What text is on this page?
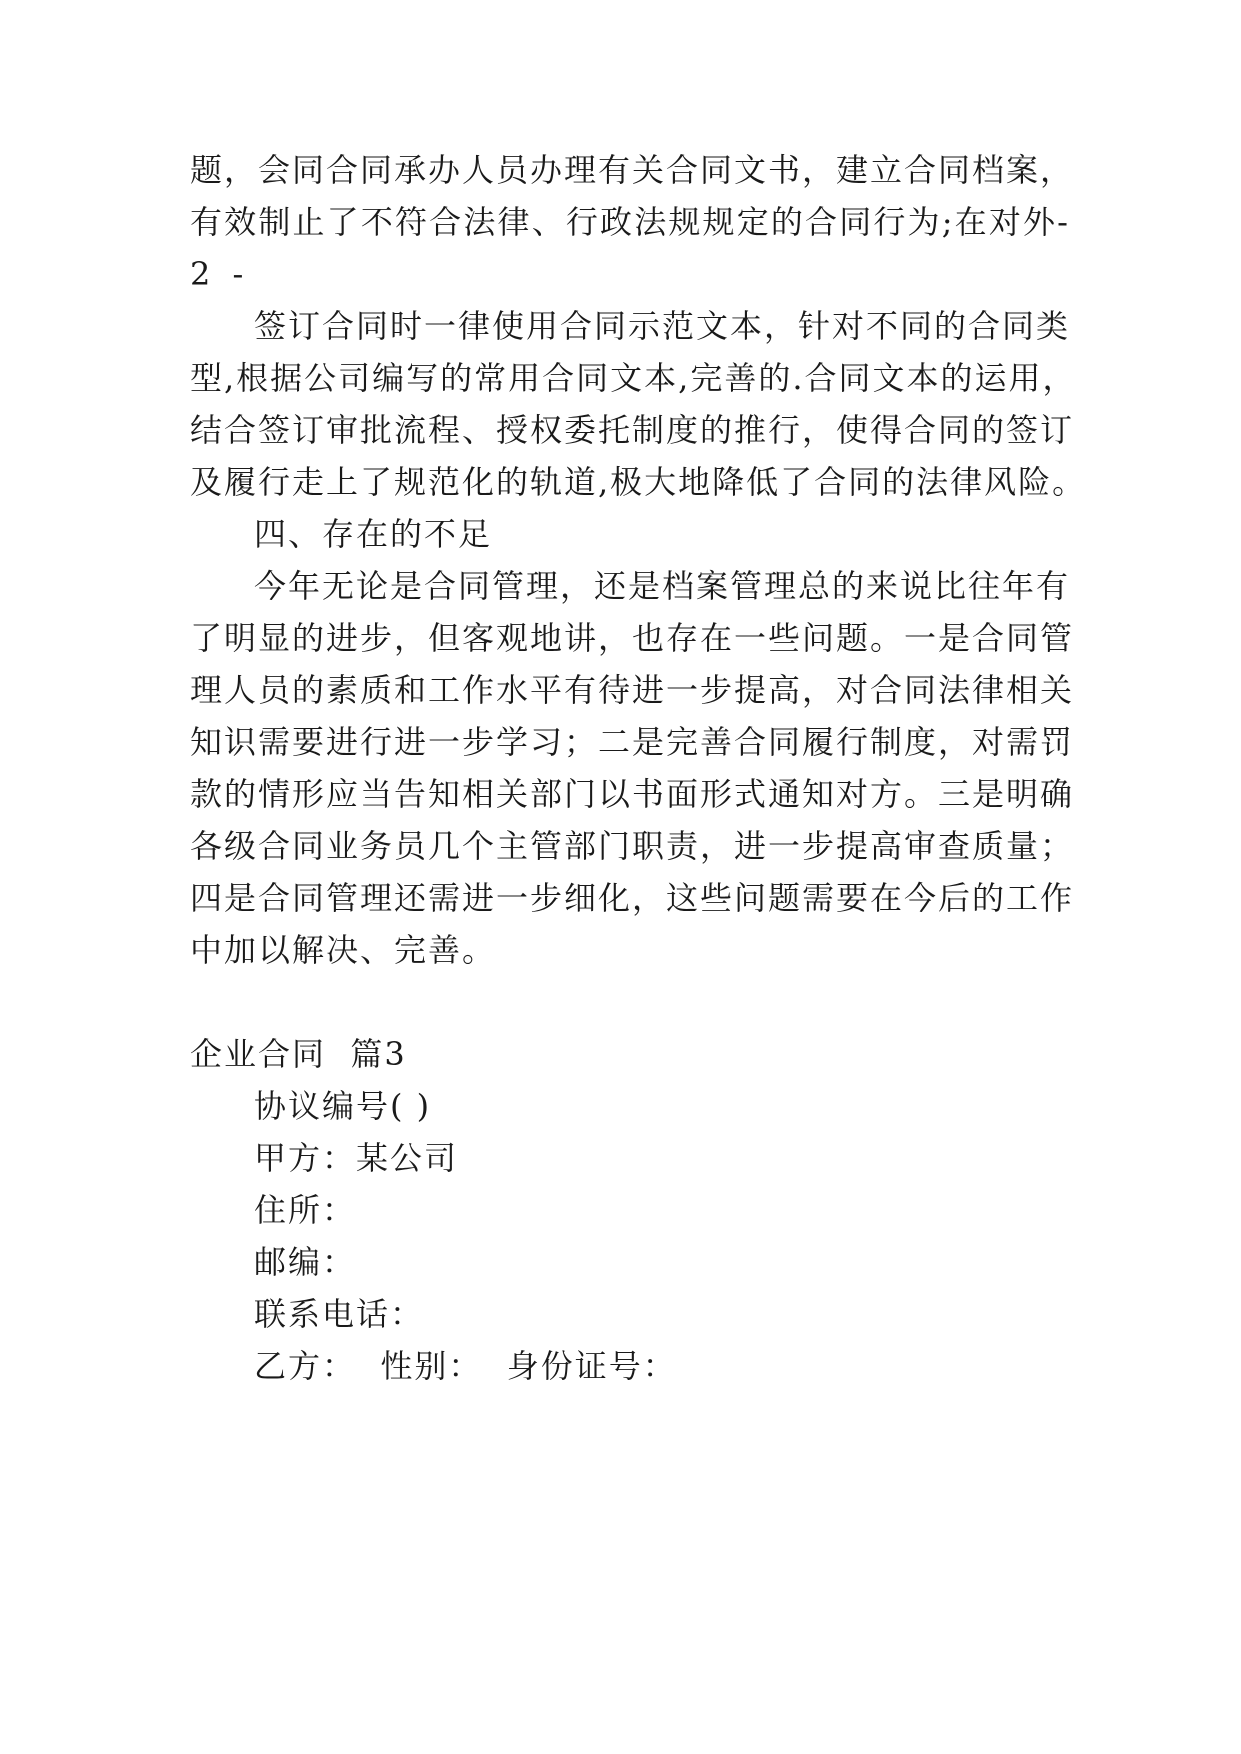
题，会同合同承办人员办理有关合同文书，建立合同档案，
有效制止了不符合法律、行政法规规定的合同行为;在对外-
2 -
签订合同时一律使用合同示范文本，针对不同的合同类
型,根据公司编写的常用合同文本,完善的.合同文本的运用，
结合签订审批流程、授权委托制度的推行，使得合同的签订
及履行走上了规范化的轨道,极大地降低了合同的法律风险。
四、存在的不足
今年无论是合同管理，还是档案管理总的来说比往年有
了明显的进步，但客观地讲，也存在一些问题。一是合同管
理人员的素质和工作水平有待进一步提高，对合同法律相关
知识需要进行进一步学习；二是完善合同履行制度，对需罚
款的情形应当告知相关部门以书面形式通知对方。三是明确
各级合同业务员几个主管部门职责，进一步提高审查质量；
四是合同管理还需进一步细化，这些问题需要在今后的工作
中加以解决、完善。
企业合同  篇3
协议编号( )
甲方：某公司
住所：
邮编：
联系电话：
乙方：  性别：  身份证号：
